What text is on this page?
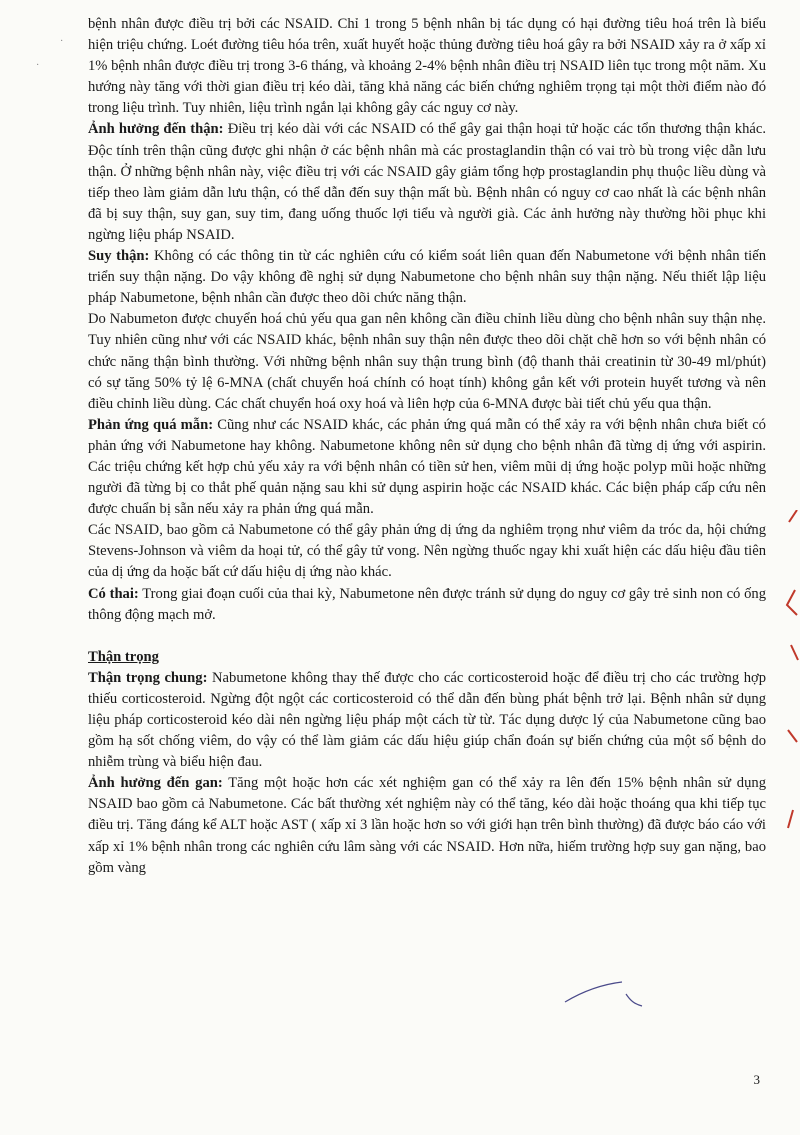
bệnh nhân được điều trị bởi các NSAID. Chỉ 1 trong 5 bệnh nhân bị tác dụng có hại đường tiêu hoá trên là biểu hiện triệu chứng. Loét đường tiêu hóa trên, xuất huyết hoặc thủng đường tiêu hoá gây ra bởi NSAID xảy ra ở xấp xỉ 1% bệnh nhân được điều trị trong 3-6 tháng, và khoảng 2-4% bệnh nhân điều trị NSAID liên tục trong một năm. Xu hướng này tăng với thời gian điều trị kéo dài, tăng khả năng các biến chứng nghiêm trọng tại một thời điểm nào đó trong liệu trình. Tuy nhiên, liệu trình ngắn lại không gây các nguy cơ này.

Ảnh hưởng đến thận: Điều trị kéo dài với các NSAID có thể gây gai thận hoại tử hoặc các tổn thương thận khác. Độc tính trên thận cũng được ghi nhận ở các bệnh nhân mà các prostaglandin thận có vai trò bù trong việc dẫn lưu thận. Ở những bệnh nhân này, việc điều trị với các NSAID gây giảm tổng hợp prostaglandin phụ thuộc liều dùng và tiếp theo làm giảm dẫn lưu thận, có thể dẫn đến suy thận mất bù. Bệnh nhân có nguy cơ cao nhất là các bệnh nhân đã bị suy thận, suy gan, suy tim, đang uống thuốc lợi tiểu và người già. Các ảnh hưởng này thường hồi phục khi ngừng liệu pháp NSAID.

Suy thận: Không có các thông tin từ các nghiên cứu có kiểm soát liên quan đến Nabumetone với bệnh nhân tiến triển suy thận nặng. Do vậy không đề nghị sử dụng Nabumetone cho bệnh nhân suy thận nặng. Nếu thiết lập liệu pháp Nabumetone, bệnh nhân cần được theo dõi chức năng thận.

Do Nabumeton được chuyển hoá chủ yếu qua gan nên không cần điều chỉnh liều dùng cho bệnh nhân suy thận nhẹ. Tuy nhiên cũng như với các NSAID khác, bệnh nhân suy thận nên được theo dõi chặt chẽ hơn so với bệnh nhân có chức năng thận bình thường. Với những bệnh nhân suy thận trung bình (độ thanh thải creatinin từ 30-49 ml/phút) có sự tăng 50% tỷ lệ 6-MNA (chất chuyển hoá chính có hoạt tính) không gắn kết với protein huyết tương và nên điều chỉnh liều dùng. Các chất chuyển hoá oxy hoá và liên hợp của 6-MNA được bài tiết chủ yếu qua thận.

Phản ứng quá mẫn: Cũng như các NSAID khác, các phản ứng quá mẫn có thể xảy ra với bệnh nhân chưa biết có phản ứng với Nabumetone hay không. Nabumetone không nên sử dụng cho bệnh nhân đã từng dị ứng với aspirin. Các triệu chứng kết hợp chủ yếu xảy ra với bệnh nhân có tiền sử hen, viêm mũi dị ứng hoặc polyp mũi hoặc những người đã từng bị co thắt phế quản nặng sau khi sử dụng aspirin hoặc các NSAID khác. Các biện pháp cấp cứu nên được chuẩn bị sẵn nếu xảy ra phản ứng quá mẫn.

Các NSAID, bao gồm cả Nabumetone có thể gây phản ứng dị ứng da nghiêm trọng như viêm da tróc da, hội chứng Stevens-Johnson và viêm da hoại tử, có thể gây tử vong. Nên ngừng thuốc ngay khi xuất hiện các dấu hiệu đầu tiên của dị ứng da hoặc bất cứ dấu hiệu dị ứng nào khác.

Có thai: Trong giai đoạn cuối của thai kỳ, Nabumetone nên được tránh sử dụng do nguy cơ gây trẻ sinh non có ống thông động mạch mở.

Thận trọng

Thận trọng chung: Nabumetone không thay thế được cho các corticosteroid hoặc để điều trị cho các trường hợp thiếu corticosteroid. Ngừng đột ngột các corticosteroid có thể dẫn đến bùng phát bệnh trở lại. Bệnh nhân sử dụng liệu pháp corticosteroid kéo dài nên ngừng liệu pháp một cách từ từ. Tác dụng dược lý của Nabumetone cũng bao gồm hạ sốt chống viêm, do vậy có thể làm giảm các dấu hiệu giúp chẩn đoán sự biến chứng của một số bệnh do nhiễm trùng và biểu hiện đau.

Ảnh hưởng đến gan: Tăng một hoặc hơn các xét nghiệm gan có thể xảy ra lên đến 15% bệnh nhân sử dụng NSAID bao gồm cả Nabumetone. Các bất thường xét nghiệm này có thể tăng, kéo dài hoặc thoáng qua khi tiếp tục điều trị. Tăng đáng kể ALT hoặc AST ( xấp xỉ 3 lần hoặc hơn so với giới hạn trên bình thường) đã được báo cáo với xấp xỉ 1% bệnh nhân trong các nghiên cứu lâm sàng với các NSAID. Hơn nữa, hiếm trường hợp suy gan nặng, bao gồm vàng

3
·
·
